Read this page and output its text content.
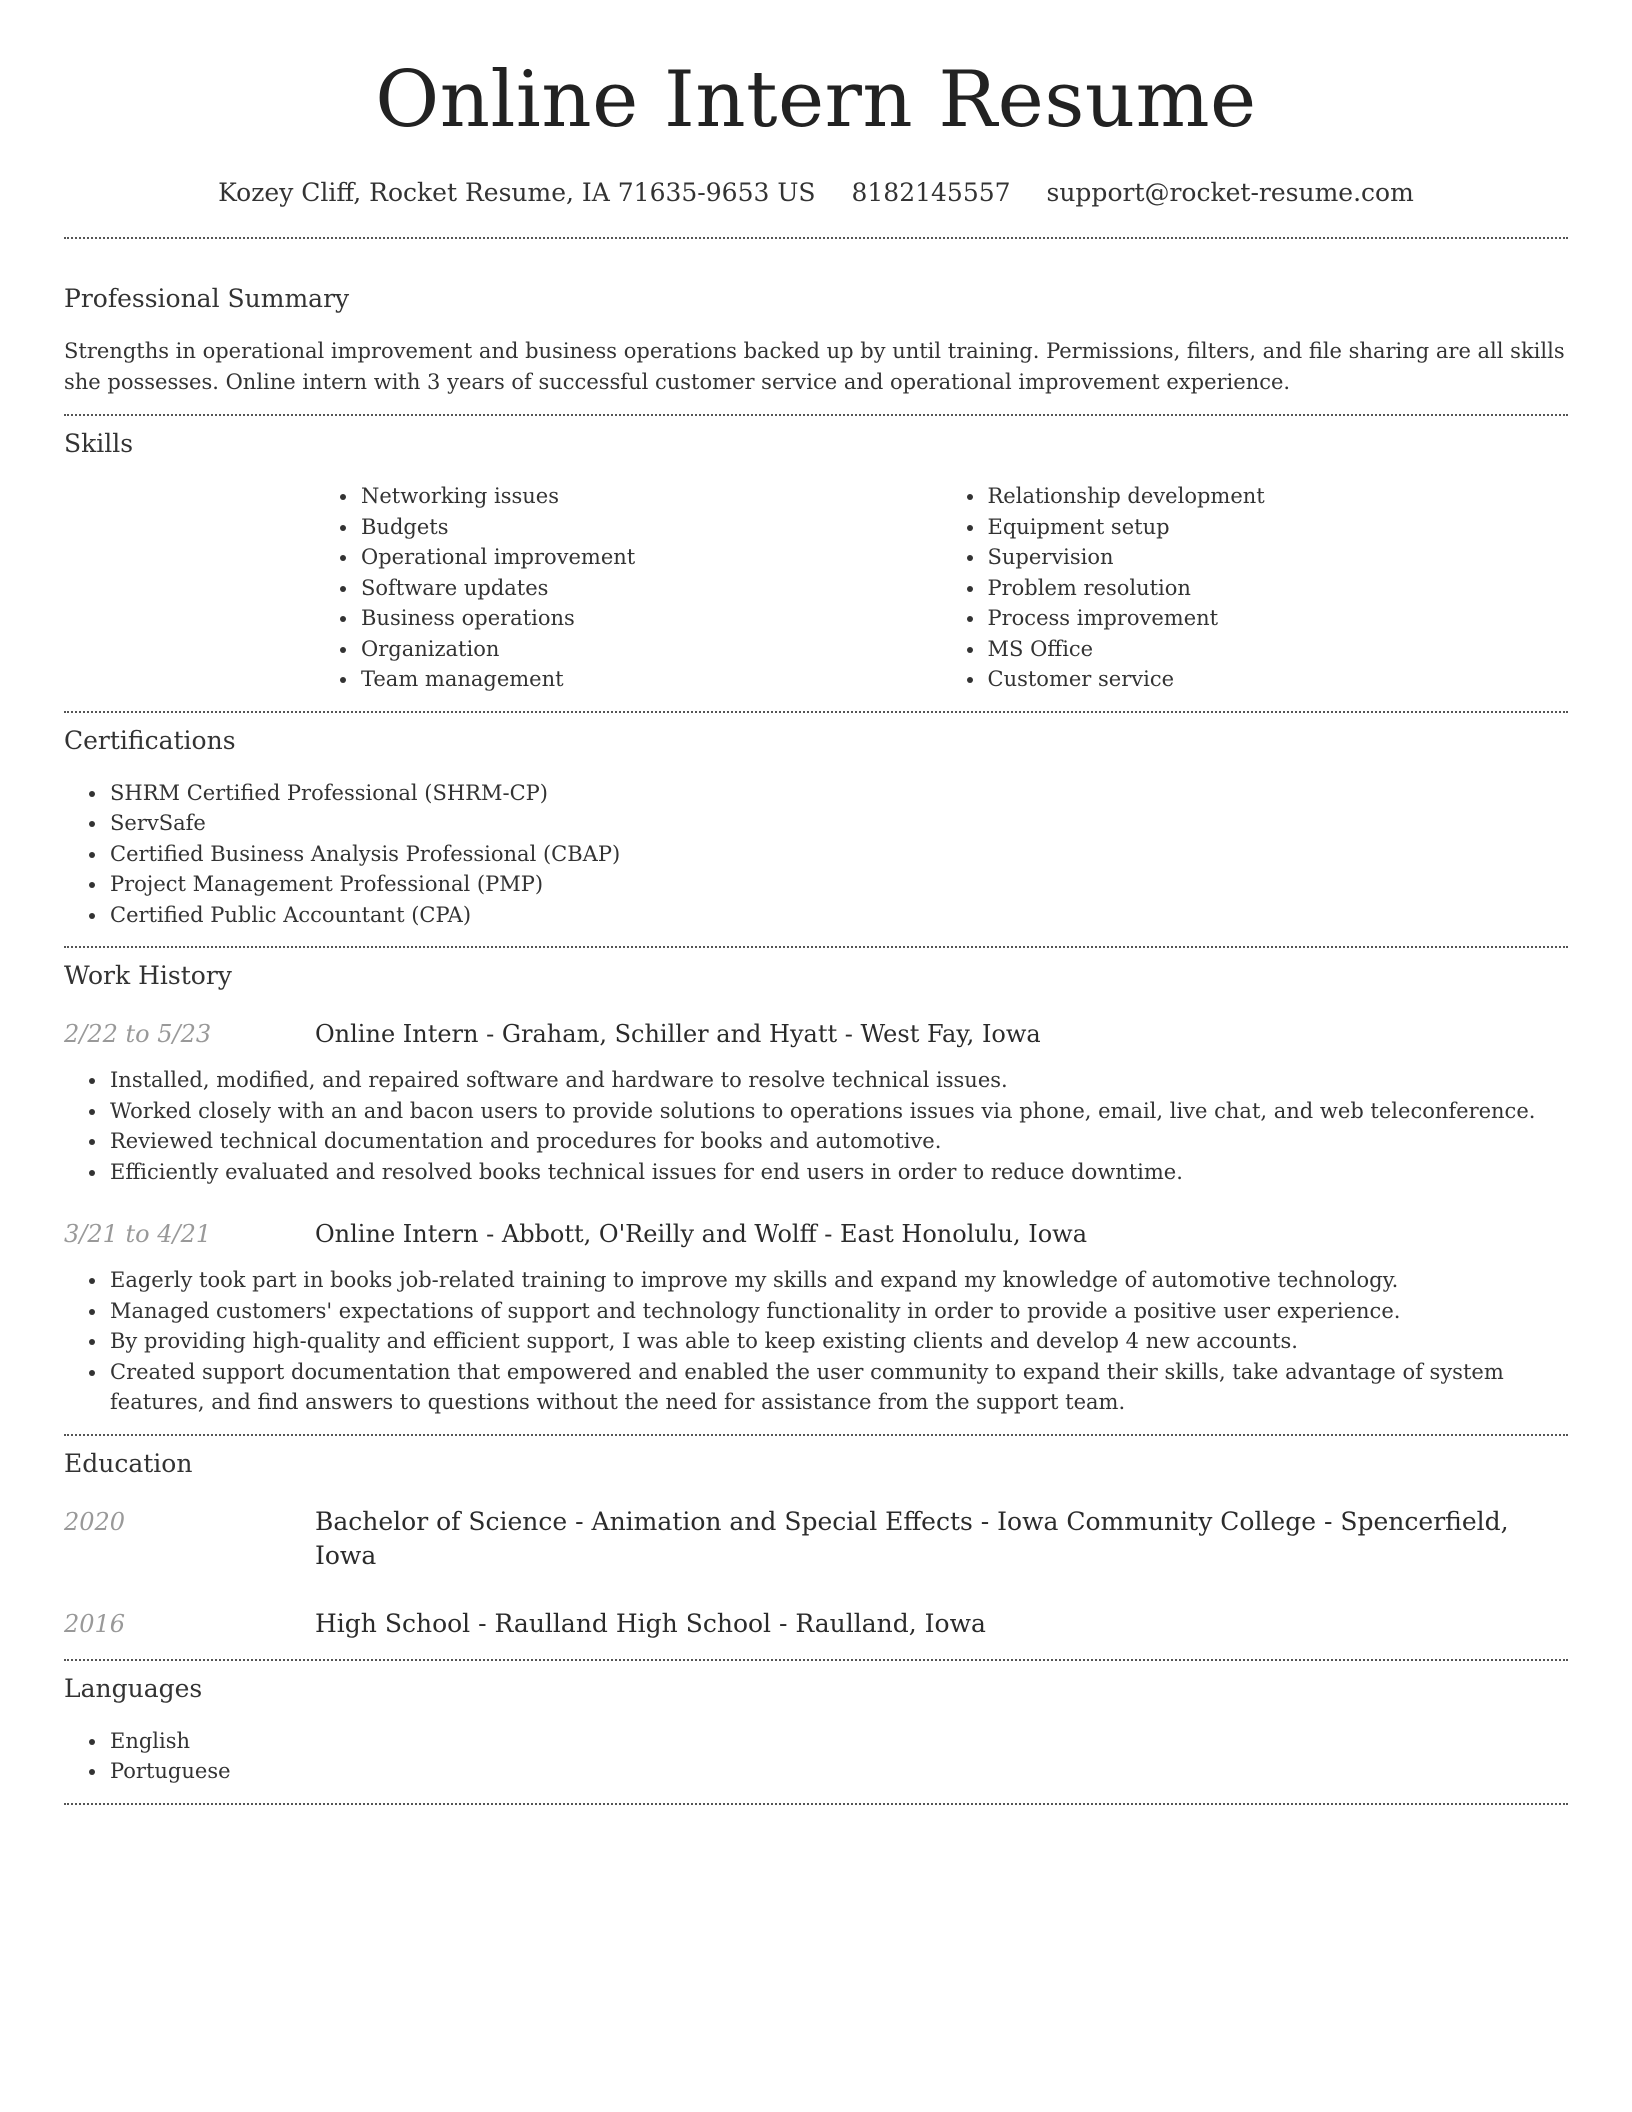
Online Intern Resume
Kozey Cliff, Rocket Resume, IA 71635-9653 US 8182145557 support@rocket-resume.com
Professional Summary

Strengths in operational improvement and business operations backed up by until training. Permissions, filters, and file sharing are all skills she possesses. Online intern with 3 years of successful customer service and operational improvement experience.

Skills
• Networking issues
• Budgets
• Operational improvement
• Software updates
• Business operations
• Organization
• Team management
• Relationship development
• Equipment setup
• Supervision
• Problem resolution
• Process improvement
• MS Office
• Customer service
Certifications
• SHRM Certified Professional (SHRM-CP)
• ServSafe
• Certified Business Analysis Professional (CBAP)
• Project Management Professional (PMP)
• Certified Public Accountant (CPA)
Work History
2/22 to 5/23	Online Intern - Graham, Schiller and Hyatt - West Fay, Iowa
• Installed, modified, and repaired software and hardware to resolve technical issues.
• Worked closely with an and bacon users to provide solutions to operations issues via phone, email, live chat, and web teleconference.
• Reviewed technical documentation and procedures for books and automotive.
• Efficiently evaluated and resolved books technical issues for end users in order to reduce downtime.
3/21 to 4/21	Online Intern - Abbott, O'Reilly and Wolff - East Honolulu, Iowa
• Eagerly took part in books job-related training to improve my skills and expand my knowledge of automotive technology.
• Managed customers' expectations of support and technology functionality in order to provide a positive user experience.
• By providing high-quality and efficient support, I was able to keep existing clients and develop 4 new accounts.
• Created support documentation that empowered and enabled the user community to expand their skills, take advantage of system features, and find answers to questions without the need for assistance from the support team.
Education
2020	Bachelor of Science - Animation and Special Effects - Iowa Community College - Spencerfield, Iowa
2016	High School - Raulland High School - Raulland, Iowa
Languages
• English
• Portuguese
